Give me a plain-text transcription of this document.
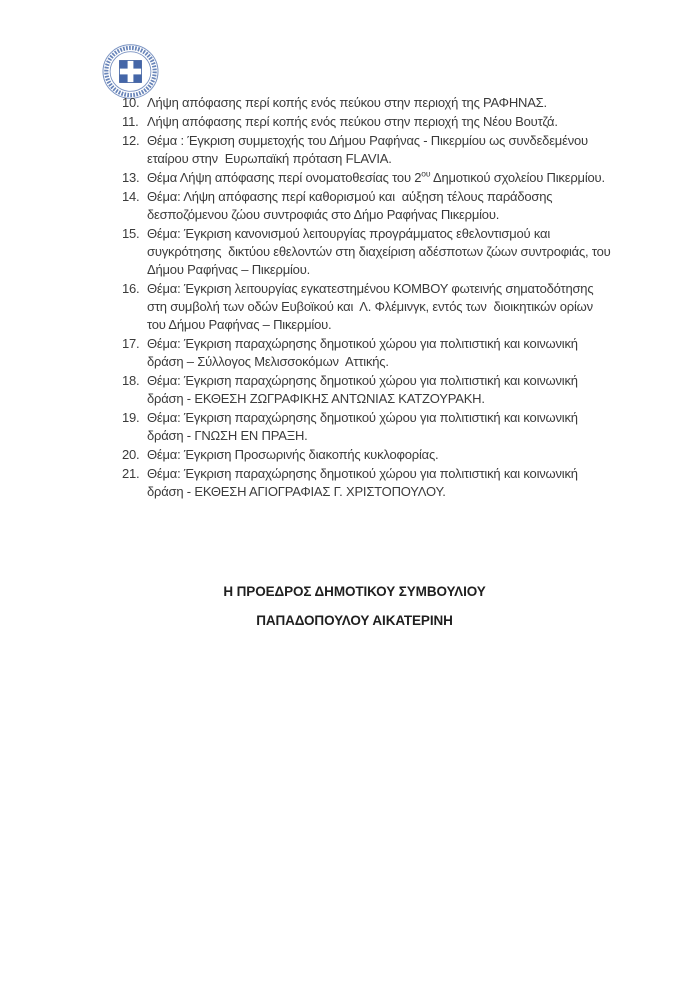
10. Λήψη απόφασης περί κοπής ενός πεύκου στην περιοχή της ΡΑΦΗΝΑΣ.
11. Λήψη απόφασης περί κοπής ενός πεύκου στην περιοχή της Νέου Βουτζά.
12. Θέμα : Έγκριση συμμετοχής του Δήμου Ραφήνας - Πικερμίου ως συνδεδεμένου
εταίρου στην  Ευρωπαϊκή πρόταση FLAVIA.
13. Θέμα Λήψη απόφασης περί ονοματοθεσίας του $2^{o\upsilon}$ Δημοτικού σχολείου Πικερμίου.
14. Θέμα: Λήψη απόφασης περί καθορισμού και  αύξηση τέλους παράδοσης
δεσποζόμενου ζώου συντροφιάς στο Δήμο Ραφήνας Πικερμίου.
15. Θέμα: Έγκριση κανονισμού λειτουργίας προγράμματος εθελοντισμού και
συγκρότησης  δικτύου εθελοντών στη διαχείριση αδέσποτων ζώων συντροφιάς, του
Δήμου Ραφήνας – Πικερμίου.
16. Θέμα: Έγκριση λειτουργίας εγκατεστημένου ΚΟΜΒΟΥ φωτεινής σηματοδότησης
στη συμβολή των οδών Ευβοϊκού και  Λ. Φλέμινγκ, εντός των  διοικητικών ορίων
του Δήμου Ραφήνας – Πικερμίου.
17. Θέμα: Έγκριση παραχώρησης δημοτικού χώρου για πολιτιστική και κοινωνική
δράση – Σύλλογος Μελισσοκόμων  Αττικής.
18. Θέμα: Έγκριση παραχώρησης δημοτικού χώρου για πολιτιστική και κοινωνική
δράση - ΕΚΘΕΣΗ ΖΩΓΡΑΦΙΚΗΣ ΑΝΤΩΝΙΑΣ ΚΑΤΖΟΥΡΑΚΗ.
19. Θέμα: Έγκριση παραχώρησης δημοτικού χώρου για πολιτιστική και κοινωνική
δράση - ΓΝΩΣΗ ΕΝ ΠΡΑΞΗ.
20. Θέμα: Έγκριση Προσωρινής διακοπής κυκλοφορίας.
21. Θέμα: Έγκριση παραχώρησης δημοτικού χώρου για πολιτιστική και κοινωνική
δράση - ΕΚΘΕΣΗ ΑΓΙΟΓΡΑΦΙΑΣ Γ. ΧΡΙΣΤΟΠΟΥΛΟΥ.

Η ΠΡΟΕΔΡΟΣ ΔΗΜΟΤΙΚΟΥ ΣΥΜΒΟΥΛΙΟΥ

ΠΑΠΑΔΟΠΟΥΛΟΥ ΑΙΚΑΤΕΡΙΝΗ
